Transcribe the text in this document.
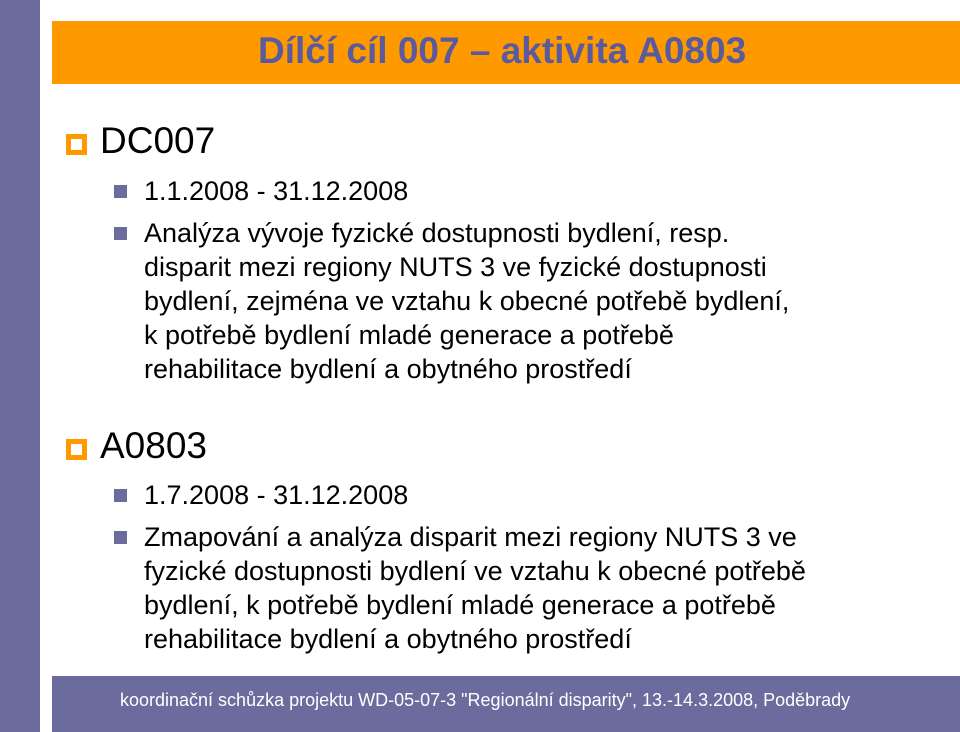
Dílčí cíl 007 – aktivita A0803
DC007
1.1.2008 - 31.12.2008
Analýza vývoje fyzické dostupnosti bydlení, resp.
disparit mezi regiony NUTS 3 ve fyzické dostupnosti
bydlení, zejména ve vztahu k obecné potřebě bydlení,
k potřebě bydlení mladé generace a potřebě
rehabilitace bydlení a obytného prostředí
A0803
1.7.2008 - 31.12.2008
Zmapování a analýza disparit mezi regiony NUTS 3 ve
fyzické dostupnosti bydlení ve vztahu k obecné potřebě
bydlení, k potřebě bydlení mladé generace a potřebě
rehabilitace bydlení a obytného prostředí
koordinační schůzka projektu WD-05-07-3 "Regionální disparity", 13.-14.3.2008, Poděbrady
